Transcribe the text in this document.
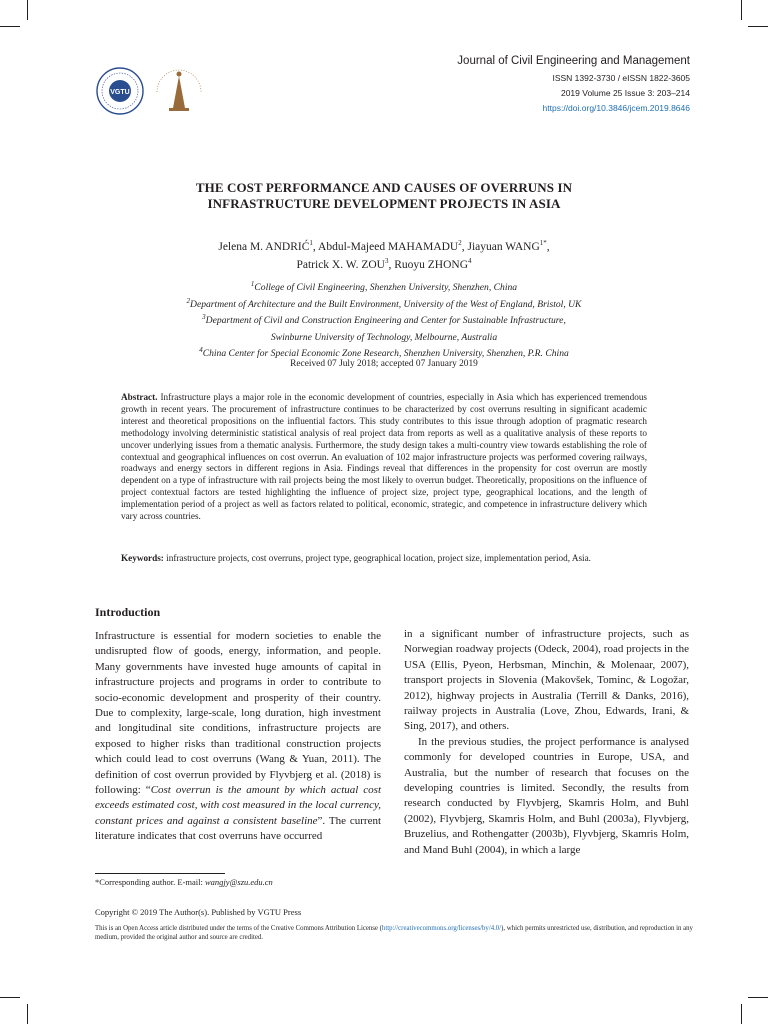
VGTU
Journal of Civil Engineering and Management
ISSN 1392-3730 / eISSN 1822-3605
2019 Volume 25 Issue 3: 203–214
https://doi.org/10.3846/jcem.2019.8646
THE COST PERFORMANCE AND CAUSES OF OVERRUNS IN
INFRASTRUCTURE DEVELOPMENT PROJECTS IN ASIA
Jelena M. ANDRIĆ$^1$, Abdul-Majeed MAHAMADU$^2$, Jiayuan $WANG^{1*}$,
Patrick X. W. ZOU$^3$, Ruoyu ZHONG$^4$
$^1$College of Civil Engineering, Shenzhen University, Shenzhen, China
$^2$Department of Architecture and the Built Environment, University of the West of England, Bristol, UK
$^3$Department of Civil and Construction Engineering and Center for Sustainable Infrastructure,
Swinburne University of Technology, Melbourne, Australia
$^4$China Center for Special Economic Zone Research, Shenzhen University, Shenzhen, P.R. China
Received 07 July 2018; accepted 07 January 2019
Abstract. Infrastructure plays a major role in the economic development of countries, especially in Asia which has experienced tremendous growth in recent years. The procurement of infrastructure continues to be characterized by cost overruns resulting in significant academic interest and theoretical propositions on the influential factors. This study contributes to this issue through adoption of pragmatic research methodology involving deterministic statistical analysis of real project data from reports as well as a qualitative analysis of these reports to uncover underlying issues from a thematic analysis. Furthermore, the study design takes a multi-country view towards establishing the role of contextual and geographical influences on cost overrun. An evaluation of 102 major infrastructure projects was performed covering railways, roadways and energy sectors in different regions in Asia. Findings reveal that differences in the propensity for cost overrun are mostly dependent on a type of infrastructure with rail projects being the most likely to overrun budget. Theoretically, propositions on the influence of project contextual factors are tested highlighting the influence of project size, project type, geographical locations, and the length of implementation period of a project as well as factors related to political, economic, strategic, and competence in infrastructure delivery which vary across countries.
Keywords: infrastructure projects, cost overruns, project type, geographical location, project size, implementation period, Asia.
Introduction
Infrastructure is essential for modern societies to enable the undisrupted flow of goods, energy, information, and people. Many governments have invested huge amounts of capital in infrastructure projects and programs in order to contribute to socio-economic development and prosperity of their country. Due to complexity, large-scale, long duration, high investment and longitudinal site conditions, infrastructure projects are exposed to higher risks than traditional construction projects which could lead to cost overruns (Wang & Yuan, 2011). The definition of cost overrun provided by Flyvbjerg et al. (2018) is following: “Cost overrun is the amount by which actual cost exceeds estimated cost, with cost measured in the local currency, constant prices and against a consistent baseline”. The current literature indicates that cost overruns have occurred

in a significant number of infrastructure projects, such as Norwegian roadway projects (Odeck, 2004), road projects in the USA (Ellis, Pyeon, Herbsman, Minchin, & Molenaar, 2007), transport projects in Slovenia (Makovšek, Tominc, & Logožar, 2012), highway projects in Australia (Terrill & Danks, 2016), railway projects in Australia (Love, Zhou, Edwards, Irani, & Sing, 2017), and others.

In the previous studies, the project performance is analysed commonly for developed countries in Europe, USA, and Australia, but the number of research that focuses on the developing countries is limited. Secondly, the results from research conducted by Flyvbjerg, Skamris Holm, and Buhl (2002), Flyvbjerg, Skamris Holm, and Buhl (2003a), Flyvbjerg, Bruzelius, and Rothengatter (2003b), Flyvbjerg, Skamris Holm, and Mand Buhl (2004), in which a large

*Corresponding author. E-mail: wangjy@szu.edu.cn
Copyright © 2019 The Author(s). Published by VGTU Press
This is an Open Access article distributed under the terms of the Creative Commons Attribution License (http://creativecommons.org/licenses/by/4.0/), which permits unrestricted use, distribution, and reproduction in any medium, provided the original author and source are credited.
